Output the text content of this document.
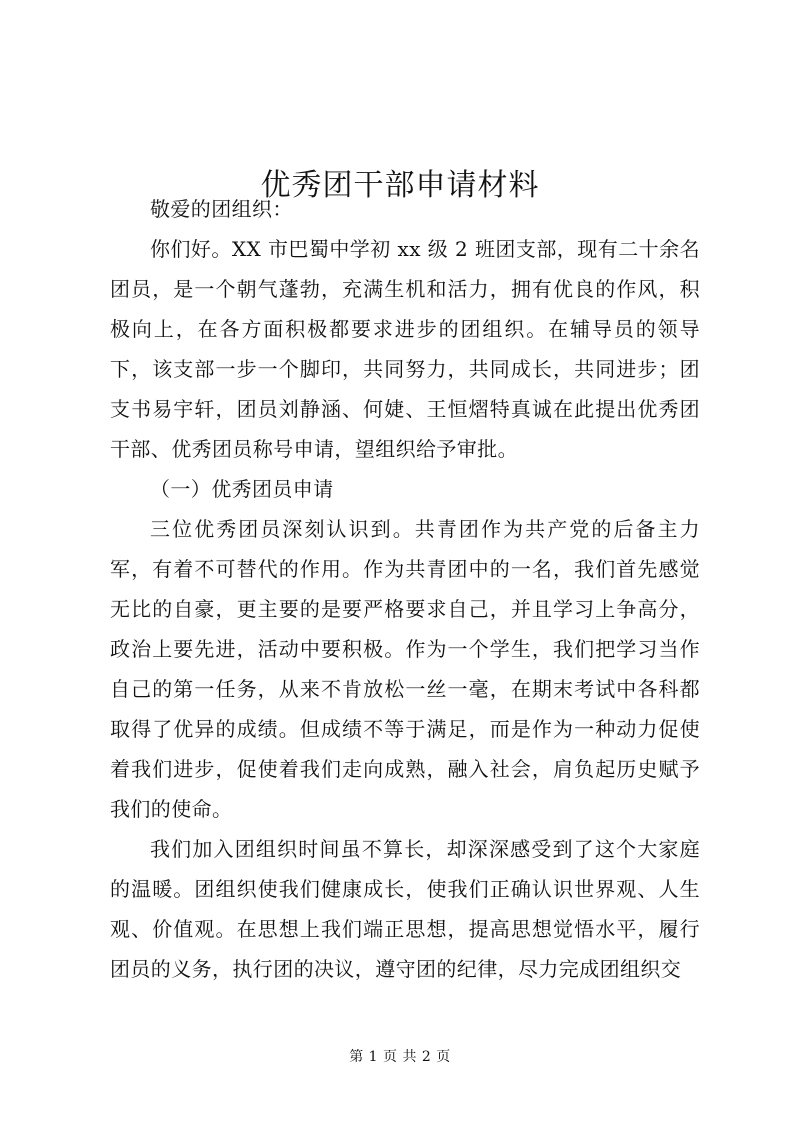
优秀团干部申请材料

敬爱的团组织：

你们好。XX 市巴蜀中学初 xx 级 2 班团支部，现有二十余名团员，是一个朝气蓬勃，充满生机和活力，拥有优良的作风，积极向上，在各方面积极都要求进步的团组织。在辅导员的领导下，该支部一步一个脚印，共同努力，共同成长，共同进步；团支书易宇轩，团员刘静涵、何婕、王恒熠特真诚在此提出优秀团干部、优秀团员称号申请，望组织给予审批。

（一）优秀团员申请

三位优秀团员深刻认识到。共青团作为共产党的后备主力军，有着不可替代的作用。作为共青团中的一名，我们首先感觉无比的自豪，更主要的是要严格要求自己，并且学习上争高分，政治上要先进，活动中要积极。作为一个学生，我们把学习当作自己的第一任务，从来不肯放松一丝一毫，在期末考试中各科都取得了优异的成绩。但成绩不等于满足，而是作为一种动力促使着我们进步，促使着我们走向成熟，融入社会，肩负起历史赋予我们的使命。

我们加入团组织时间虽不算长，却深深感受到了这个大家庭的温暖。团组织使我们健康成长，使我们正确认识世界观、人生观、价值观。在思想上我们端正思想，提高思想觉悟水平，履行团员的义务，执行团的决议，遵守团的纪律，尽力完成团组织交

第 1 页 共 2 页
